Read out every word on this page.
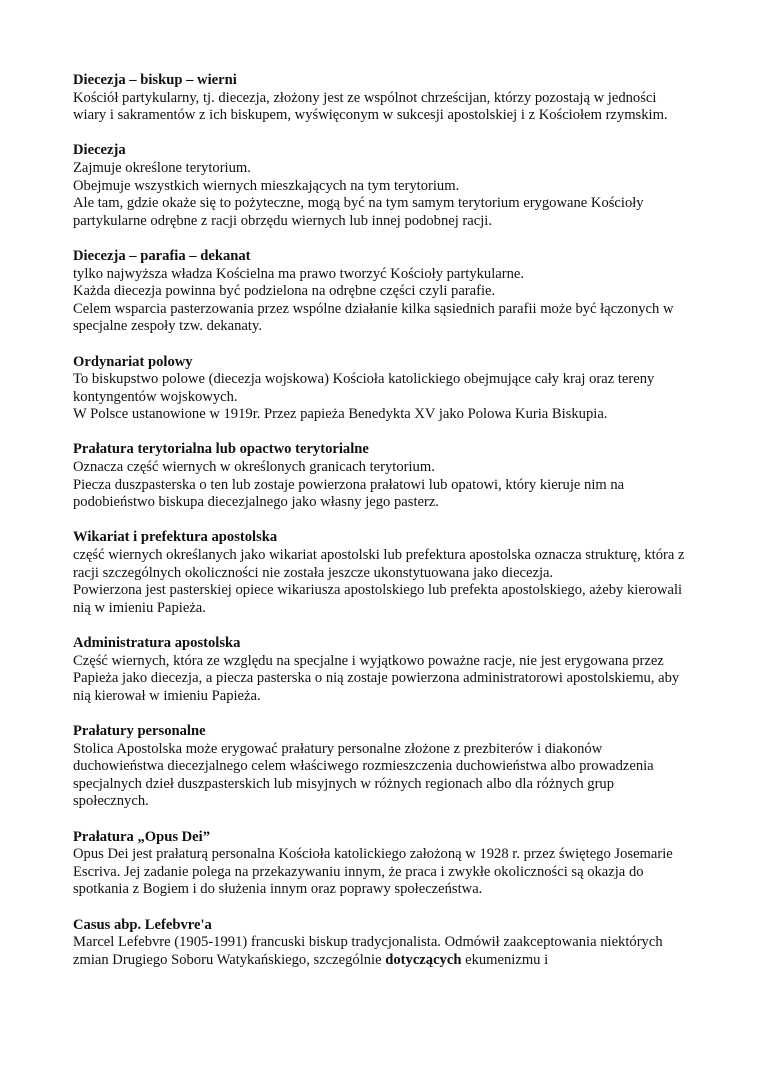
Diecezja – biskup – wierni
Kościół partykularny, tj. diecezja, złożony jest ze wspólnot chrześcijan, którzy pozostają w jedności wiary i sakramentów z ich biskupem, wyświęconym w sukcesji apostolskiej i z Kościołem rzymskim.
Diecezja
Zajmuje określone terytorium.
Obejmuje wszystkich wiernych mieszkających na tym terytorium.
Ale tam, gdzie okaże się to pożyteczne, mogą być na tym samym terytorium erygowane Kościoły partykularne odrębne z racji obrzędu wiernych lub innej podobnej racji.
Diecezja – parafia – dekanat
tylko najwyższa władza Kościelna ma prawo tworzyć Kościoły partykularne.
Każda diecezja powinna być podzielona na odrębne części czyli parafie.
Celem wsparcia pasterzowania przez wspólne działanie kilka sąsiednich parafii może być łączonych w specjalne zespoły tzw. dekanaty.
Ordynariat polowy
To biskupstwo polowe (diecezja wojskowa) Kościoła katolickiego obejmujące cały kraj oraz tereny kontyngentów wojskowych.
W Polsce ustanowione w 1919r. Przez papieża Benedykta XV jako Polowa Kuria Biskupia.
Prałatura terytorialna lub opactwo terytorialne
Oznacza część wiernych w określonych granicach terytorium.
Piecza duszpasterska o ten lub zostaje powierzona prałatowi lub opatowi, który kieruje nim na podobieństwo biskupa diecezjalnego jako własny jego pasterz.
Wikariat i prefektura apostolska
część wiernych określanych jako wikariat apostolski lub prefektura apostolska oznacza strukturę, która z racji szczególnych okoliczności nie została jeszcze ukonstytuowana jako diecezja.
Powierzona jest pasterskiej opiece wikariusza apostolskiego lub prefekta apostolskiego, ażeby kierowali nią w imieniu Papieża.
Administratura apostolska
Część wiernych, która ze względu na specjalne i wyjątkowo poważne racje, nie jest erygowana przez Papieża jako diecezja, a piecza pasterska o nią zostaje powierzona administratorowi apostolskiemu, aby nią kierował w imieniu Papieża.
Prałatury personalne
Stolica Apostolska może erygować prałatury personalne złożone z prezbiterów i diakonów duchowieństwa diecezjalnego celem właściwego rozmieszczenia duchowieństwa albo prowadzenia specjalnych dzieł duszpasterskich lub misyjnych w różnych regionach albo dla różnych grup społecznych.
Prałatura „Opus Dei”
Opus Dei jest prałaturą personalna Kościoła katolickiego założoną w 1928 r. przez świętego Josemarie Escriva. Jej zadanie polega na przekazywaniu innym, że praca i zwykłe okoliczności są okazja do spotkania z Bogiem i do służenia innym oraz poprawy społeczeństwa.
Casus abp. Lefebvre'a
Marcel Lefebvre (1905-1991) francuski biskup tradycjonalista. Odmówił zaakceptowania niektórych zmian Drugiego Soboru Watykańskiego, szczególnie dotyczących ekumenizmu i
